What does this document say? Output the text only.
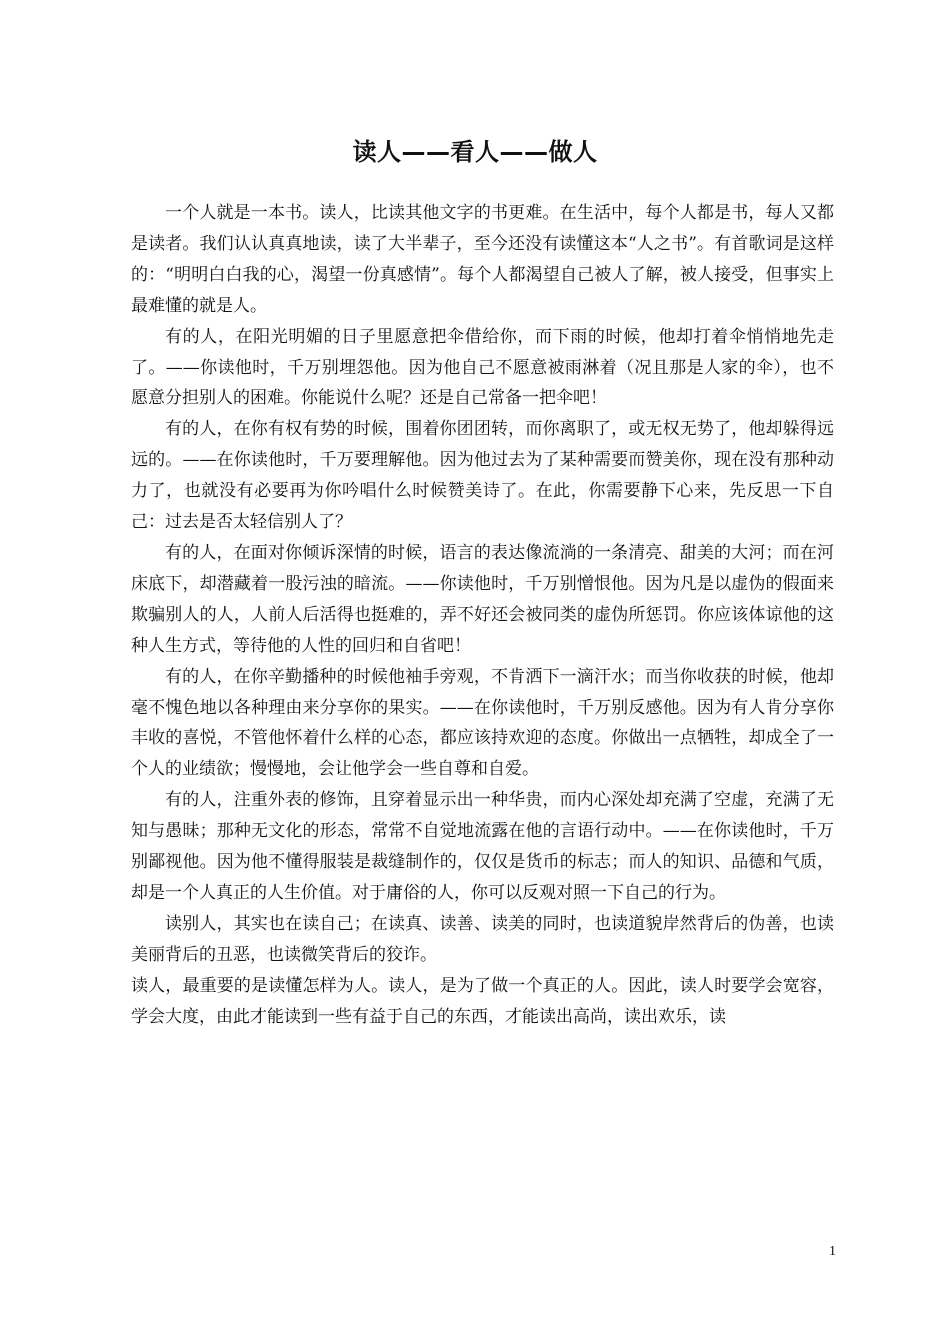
读人——看人——做人

一个人就是一本书。读人，比读其他文字的书更难。在生活中，每个人都是书，每人又都是读者。我们认认真真地读，读了大半辈子，至今还没有读懂这本“人之书”。有首歌词是这样的：“明明白白我的心，渴望一份真感情”。每个人都渴望自己被人了解，被人接受，但事实上最难懂的就是人。

有的人，在阳光明媚的日子里愿意把伞借给你，而下雨的时候，他却打着伞悄悄地先走了。——你读他时，千万别埋怨他。因为他自己不愿意被雨淋着（况且那是人家的伞），也不愿意分担别人的困难。你能说什么呢？还是自己常备一把伞吧！

有的人，在你有权有势的时候，围着你团团转，而你离职了，或无权无势了，他却躲得远远的。——在你读他时，千万要理解他。因为他过去为了某种需要而赞美你，现在没有那种动力了，也就没有必要再为你吟唱什么时候赞美诗了。在此，你需要静下心来，先反思一下自己：过去是否太轻信别人了？

有的人，在面对你倾诉深情的时候，语言的表达像流淌的一条清亮、甜美的大河；而在河床底下，却潜藏着一股污浊的暗流。——你读他时，千万别憎恨他。因为凡是以虚伪的假面来欺骗别人的人，人前人后活得也挺难的，弄不好还会被同类的虚伪所惩罚。你应该体谅他的这种人生方式，等待他的人性的回归和自省吧！

有的人，在你辛勤播种的时候他袖手旁观，不肯洒下一滴汗水；而当你收获的时候，他却毫不愧色地以各种理由来分享你的果实。——在你读他时，千万别反感他。因为有人肯分享你丰收的喜悦，不管他怀着什么样的心态，都应该持欢迎的态度。你做出一点牺牲，却成全了一个人的业绩欲；慢慢地，会让他学会一些自尊和自爱。

有的人，注重外表的修饰，且穿着显示出一种华贵，而内心深处却充满了空虚，充满了无知与愚昧；那种无文化的形态，常常不自觉地流露在他的言语行动中。——在你读他时，千万别鄙视他。因为他不懂得服装是裁缝制作的，仅仅是货币的标志；而人的知识、品德和气质，却是一个人真正的人生价值。对于庸俗的人，你可以反观对照一下自己的行为。

读别人，其实也在读自己；在读真、读善、读美的同时，也读道貌岸然背后的伪善，也读美丽背后的丑恶，也读微笑背后的狡诈。

读人，最重要的是读懂怎样为人。读人，是为了做一个真正的人。因此，读人时要学会宽容，学会大度，由此才能读到一些有益于自己的东西，才能读出高尚，读出欢乐，读

1
